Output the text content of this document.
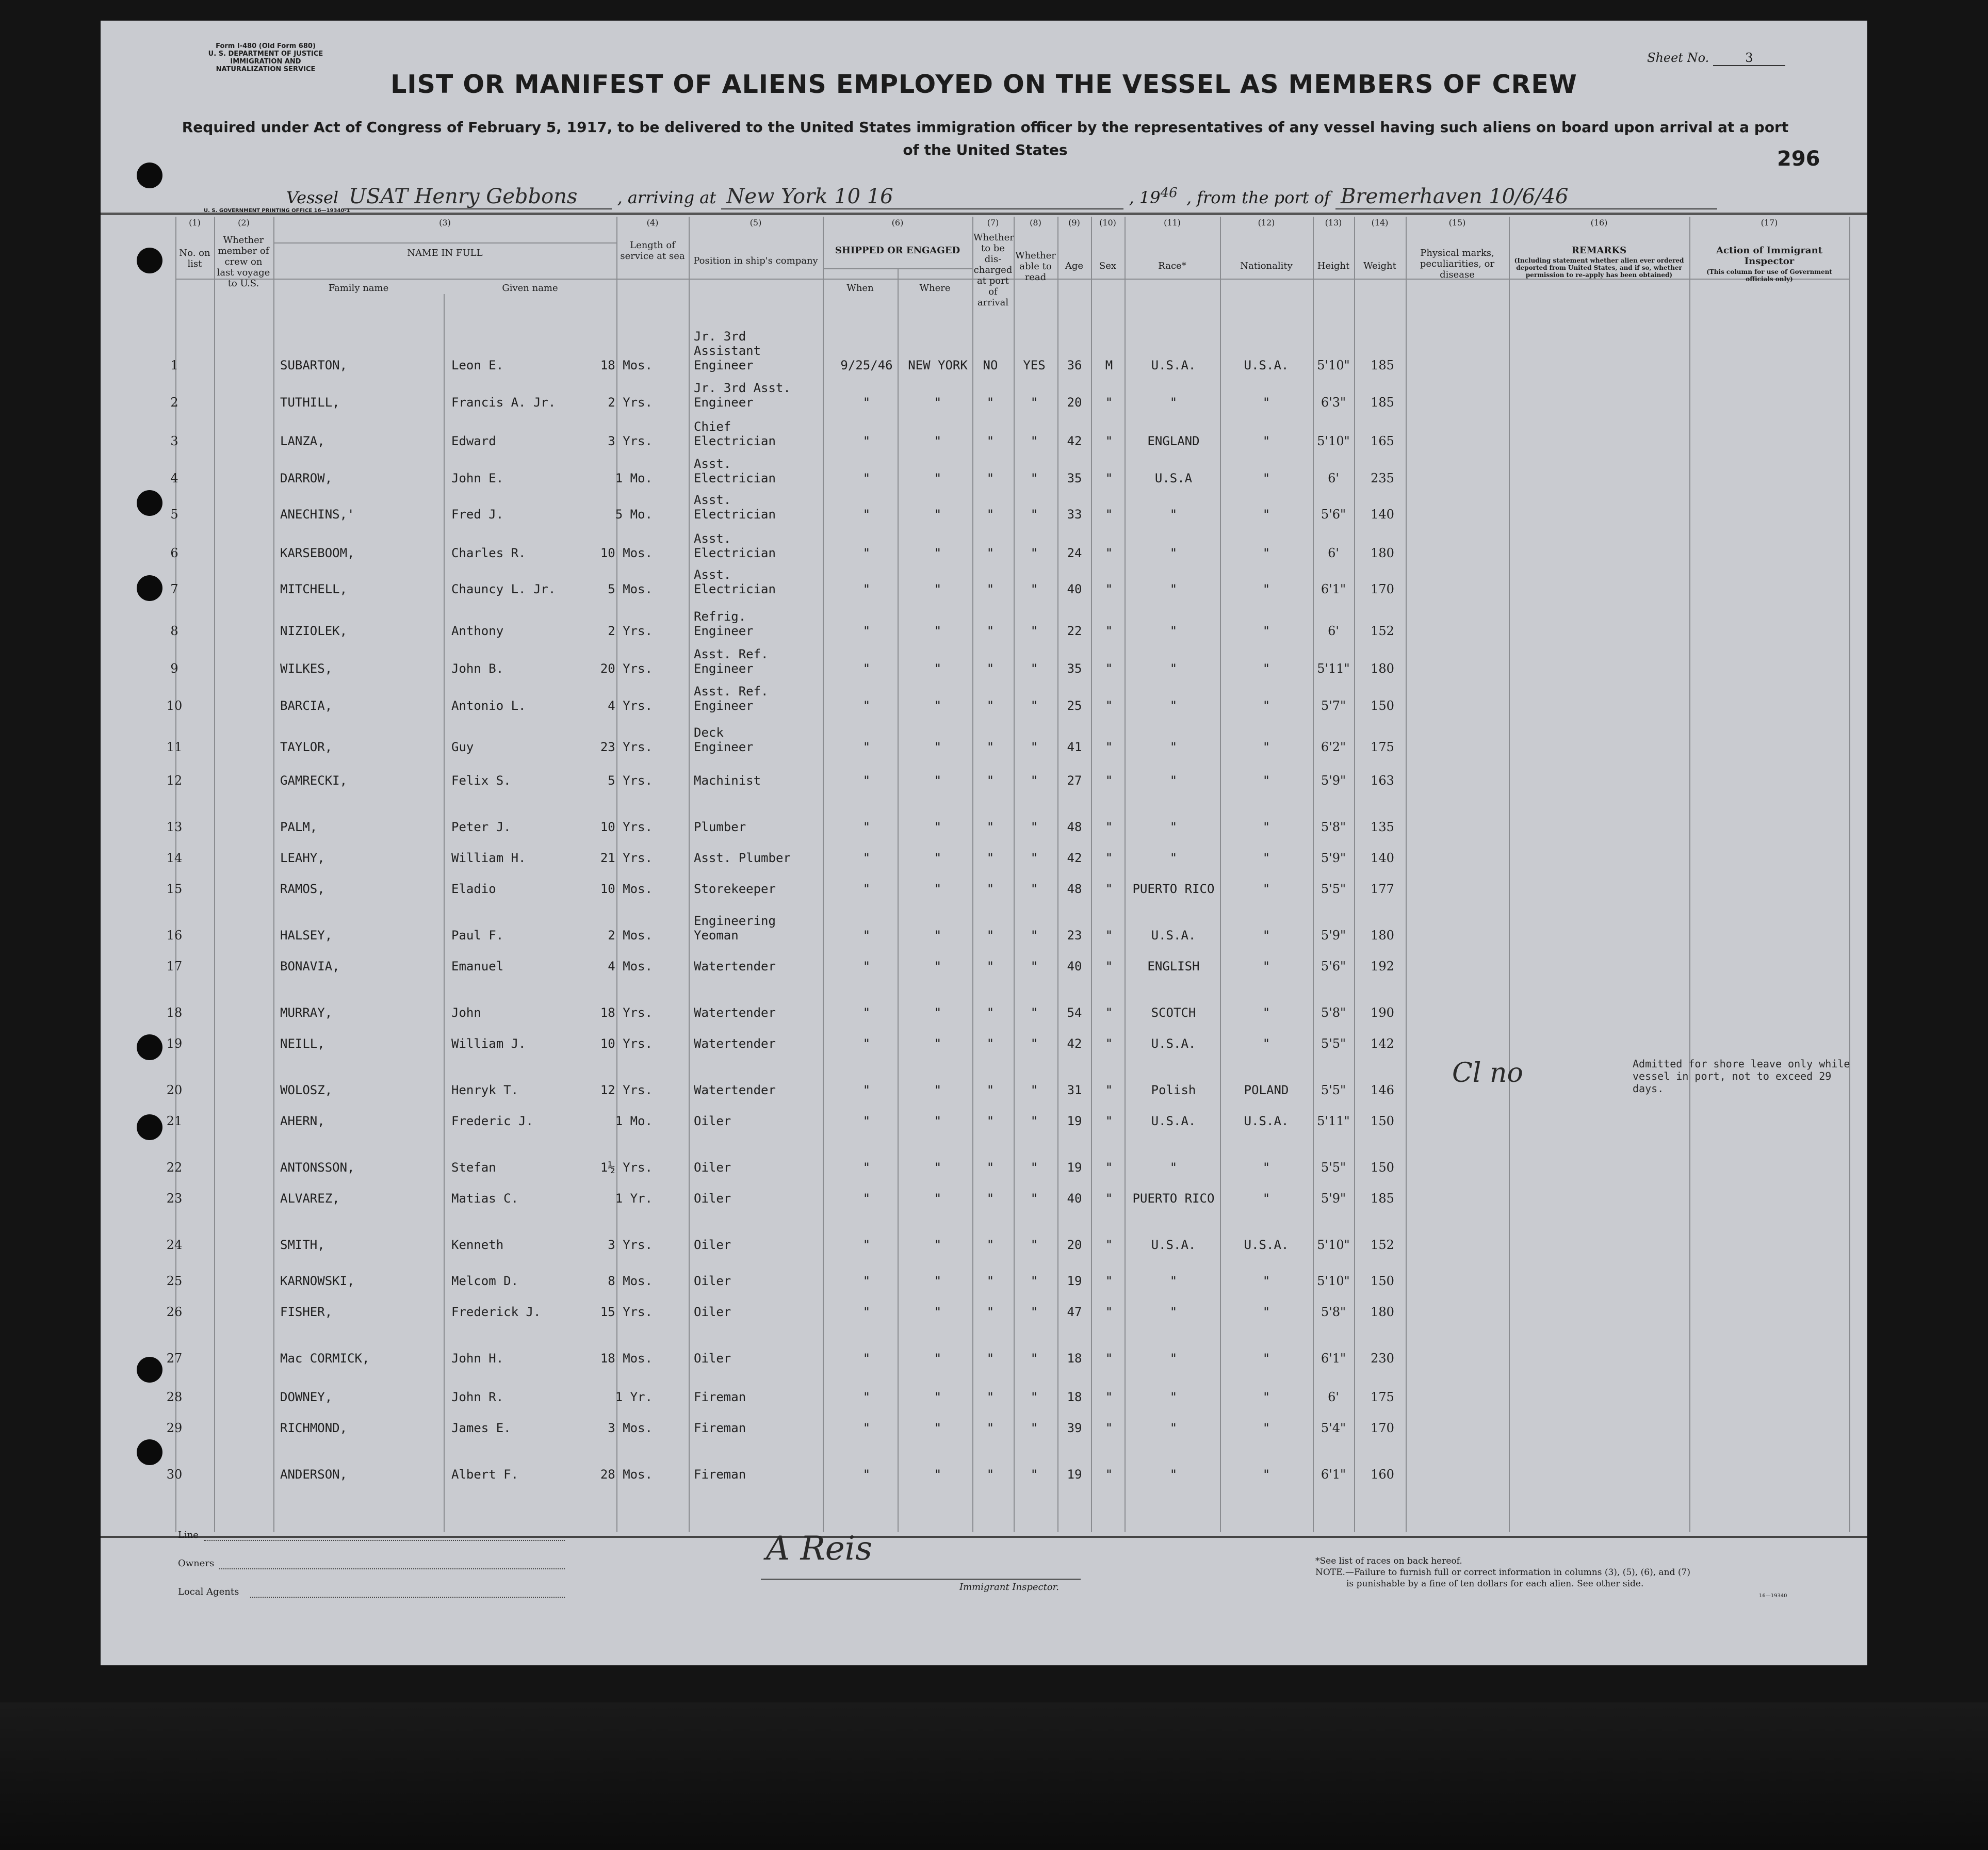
Form I-480 (Old Form 680)
U. S. DEPARTMENT OF JUSTICE
IMMIGRATION AND NATURALIZATION SERVICE
Sheet No.	3
LIST OR MANIFEST OF ALIENS EMPLOYED ON THE VESSEL AS MEMBERS OF CREW
Required under Act of Congress of February 5, 1917, to be delivered to the United States immigration officer by the representatives of any vessel having such aliens on board upon arrival at a port of the United States	296
Vessel USAT Henry Gebbons , arriving at New York 10 16	, 1946 , from the port of Bremerhaven 10/6/46
U. S. GOVERNMENT PRINTING OFFICE 16—19340-1
(1)	(2)	(3)	(4)	(5)	(6)	(7)	(8)	(9)	(10)	(11)	(12)	(13)	(14)	(15)	(16)	(17)
No. on list
Whether member of crew on last voyage to U.S.
NAME IN FULL
Family name	Given name
Length of service at sea Position in ship's company
SHIPPED OR ENGAGED
When	Where
Whether to be dis-charged at port of arrival
Whether able to read
Age	Sex	Race*	Nationality	Height	Weight
Physical marks, peculiarities, or disease
REMARKS
(Including statement whether alien ever ordered deported from United States, and if so, whether permission to re-apply has been obtained)
Action of Immigrant Inspector
(This column for use of Government officials only)
1	SUBARTON,	Leon E.	18 Mos.
Jr. 3rd
Assistant
Engineer	9/25/46	NEW YORK	NO	YES	36	M	U.S.A.	U.S.A.	5'10"	185
2	TUTHILL,	Francis A. Jr.	2 Yrs.
Jr. 3rd Asst.
Engineer	"	"	"	"	20	"	"	"	6'3"	185
3	LANZA,	Edward	3 Yrs.
Chief
Electrician	"	"	"	"	42	"	ENGLAND	"	5'10"	165
4	DARROW,	John E.	1 Mo.
Asst.
Electrician	"	"	"	"	35	"	U.S.A	"	6'	235
5	ANECHINS,'	Fred J.	5 Mo.
Asst.
Electrician	"	"	"	"	33	"	"	"	5'6"	140
6	KARSEBOOM,	Charles R.	10 Mos.
Asst.
Electrician	"	"	"	"	24	"	"	"	6'	180
7	MITCHELL,	Chauncy L. Jr.	5 Mos.
Asst.
Electrician	"	"	"	"	40	"	"	"	6'1"	170
8	NIZIOLEK,	Anthony	2 Yrs.
Refrig.
Engineer	"	"	"	"	22	"	"	"	6'	152
9	WILKES,	John B.	20 Yrs.
Asst. Ref.
Engineer	"	"	"	"	35	"	"	"	5'11"	180
10	BARCIA,	Antonio L.	4 Yrs.
Asst. Ref.
Engineer	"	"	"	"	25	"	"	"	5'7"	150
11	TAYLOR,	Guy	23 Yrs.
Deck
Engineer	"	"	"	"	41	"	"	"	6'2"	175
12	GAMRECKI,	Felix S.	5 Yrs.	Machinist	"	"	"	"	27	"	"	"	5'9"	163
13	PALM,	Peter J.	10 Yrs.	Plumber	"	"	"	"	48	"	"	"	5'8"	135
14	LEAHY,	William H.	21 Yrs.	Asst. Plumber	"	"	"	"	42	"	"	"	5'9"	140
15	RAMOS,	Eladio	10 Mos.	Storekeeper	"	"	"	"	48	"	PUERTO RICO	"	5'5"	177
16	HALSEY,	Paul F.	2 Mos.
Engineering
Yeoman	"	"	"	"	23	"	U.S.A.	"	5'9"	180
17	BONAVIA,	Emanuel	4 Mos.	Watertender	"	"	"	"	40	"	ENGLISH	"	5'6"	192
18	MURRAY,	John	18 Yrs.	Watertender	"	"	"	"	54	"	SCOTCH	"	5'8"	190
19	NEILL,	William J.	10 Yrs.	Watertender	"	"	"	"	42	"	U.S.A.	"	5'5"	142
20	WOLOSZ,	Henryk T.	12 Yrs.	Watertender	"	"	"	"	31	"	Polish	POLAND	5'5"	146
21	AHERN,	Frederic J.	1 Mo.	Oiler	"	"	"	"	19	"	U.S.A.	U.S.A.	5'11"	150
22	ANTONSSON,	Stefan	1½ Yrs.	Oiler	"	"	"	"	19	"	"	"	5'5"	150
23	ALVAREZ,	Matias C.	1 Yr.	Oiler	"	"	"	"	40	"	PUERTO RICO	"	5'9"	185
24	SMITH,	Kenneth	3 Yrs.	Oiler	"	"	"	"	20	"	U.S.A.	U.S.A.	5'10"	152
25	KARNOWSKI,	Melcom D.	8 Mos.	Oiler	"	"	"	"	19	"	"	"	5'10"	150
26	FISHER,	Frederick J.	15 Yrs.	Oiler	"	"	"	"	47	"	"	"	5'8"	180
27	Mac CORMICK,	John H.	18 Mos.	Oiler	"	"	"	"	18	"	"	"	6'1"	230
28	DOWNEY,	John R.	1 Yr.	Fireman	"	"	"	"	18	"	"	"	6'	175
29	RICHMOND,	James E.	3 Mos.	Fireman	"	"	"	"	39	"	"	"	5'4"	170
30	ANDERSON,	Albert F.	28 Mos.	Fireman	"	"	"	"	19	"	"	"	6'1"	160
Admitted for shore leave only while vessel in port, not to exceed 29 days.
Cl no
Line
Owners
Local Agents
A Reis
Immigrant Inspector.
*See list of races on back hereof.
NOTE.—Failure to furnish full or correct information in columns (3), (5), (6), and (7)
is punishable by a fine of ten dollars for each alien. See other side.
16—19340
